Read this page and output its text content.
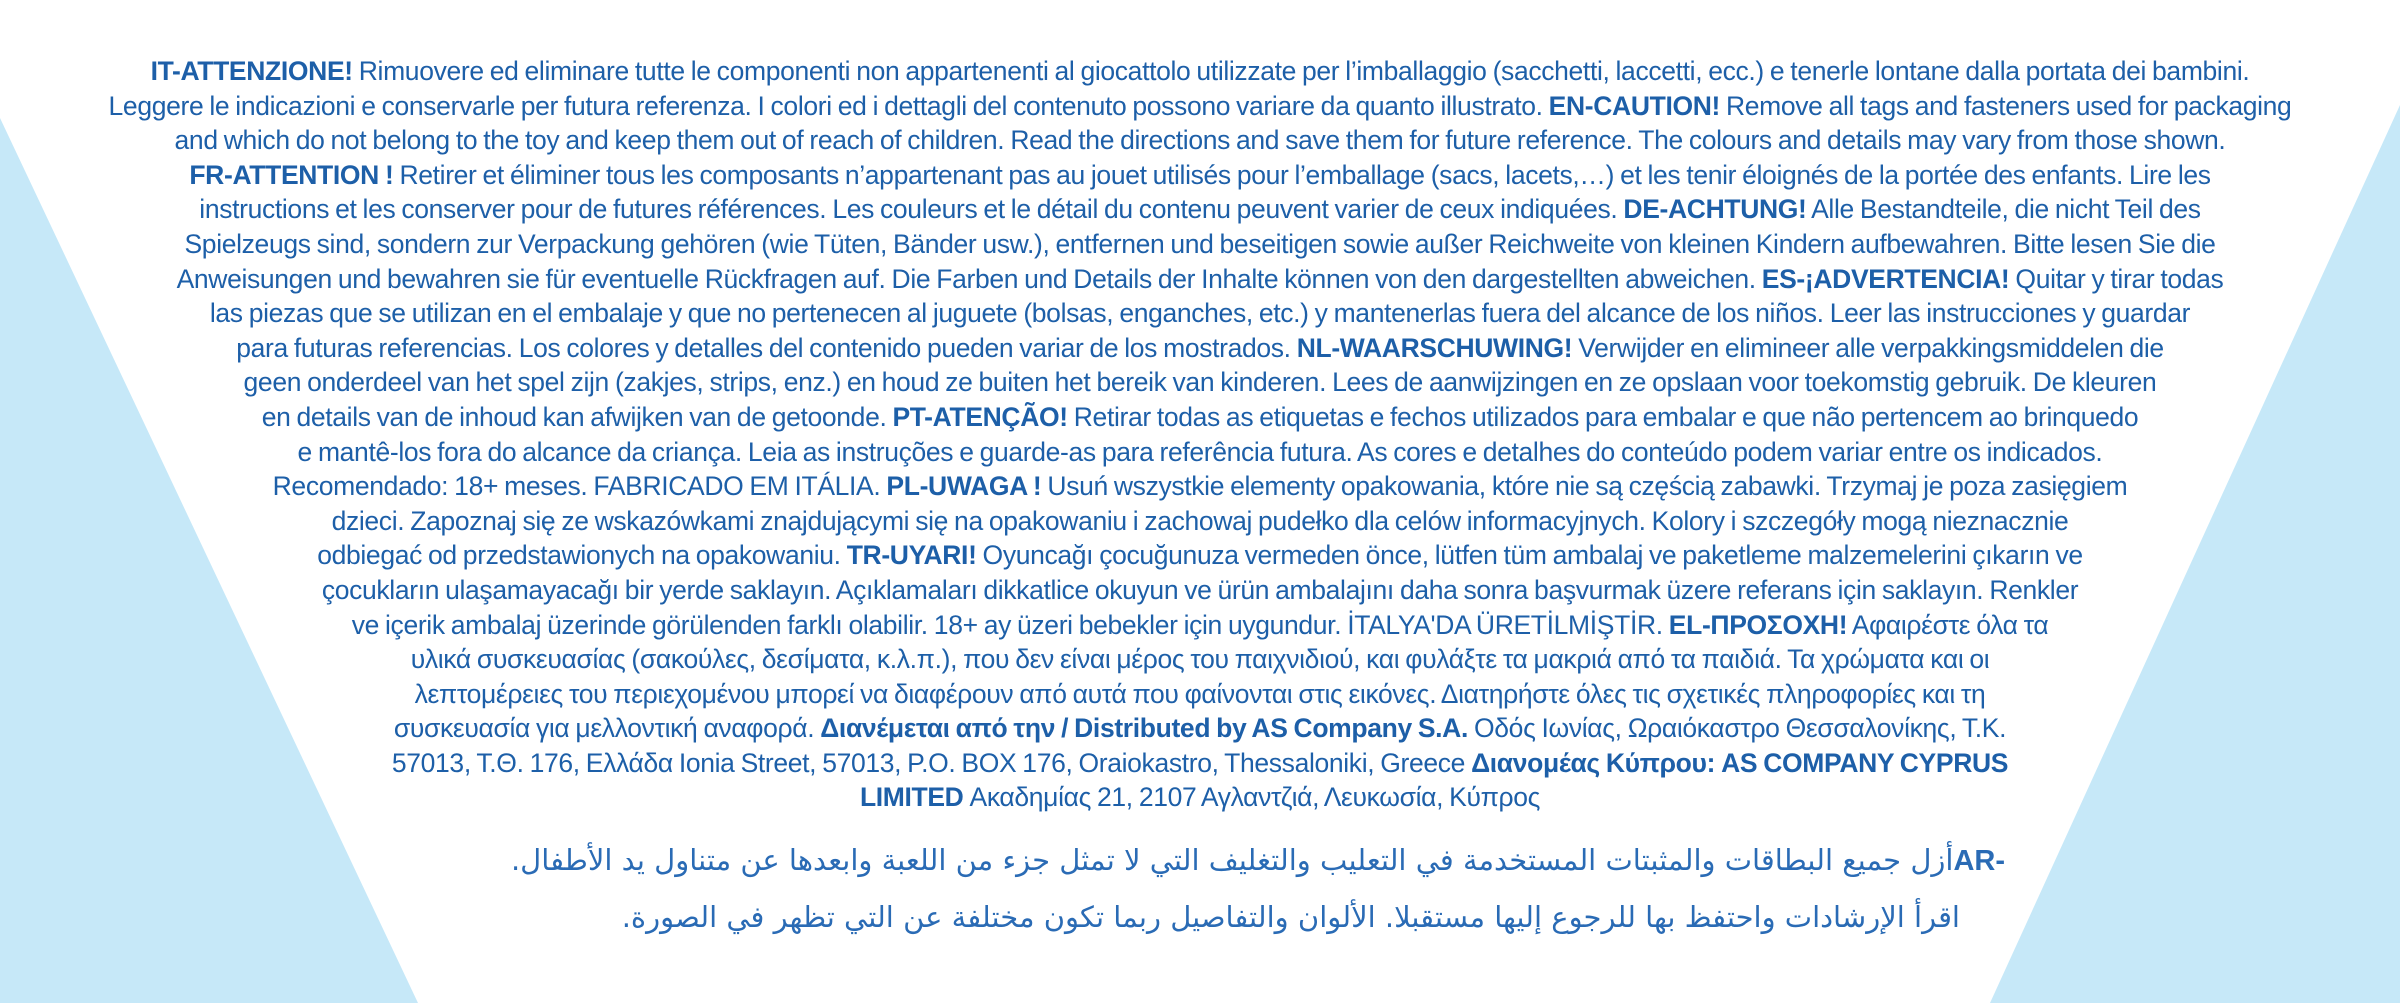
IT-ATTENZIONE! Rimuovere ed eliminare tutte le componenti non appartenenti al giocattolo utilizzate per l’imballaggio (sacchetti, laccetti, ecc.) e tenerle lontane dalla portata dei bambini.
Leggere le indicazioni e conservarle per futura referenza. I colori ed i dettagli del contenuto possono variare da quanto illustrato. EN-CAUTION! Remove all tags and fasteners used for packaging
and which do not belong to the toy and keep them out of reach of children. Read the directions and save them for future reference. The colours and details may vary from those shown.
FR-ATTENTION ! Retirer et éliminer tous les composants n’appartenant pas au jouet utilisés pour l’emballage (sacs, lacets,…) et les tenir éloignés de la portée des enfants. Lire les
instructions et les conserver pour de futures références. Les couleurs et le détail du contenu peuvent varier de ceux indiquées. DE-ACHTUNG! Alle Bestandteile, die nicht Teil des
Spielzeugs sind, sondern zur Verpackung gehören (wie Tüten, Bänder usw.), entfernen und beseitigen sowie außer Reichweite von kleinen Kindern aufbewahren. Bitte lesen Sie die
Anweisungen und bewahren sie für eventuelle Rückfragen auf. Die Farben und Details der Inhalte können von den dargestellten abweichen. ES-¡ADVERTENCIA! Quitar y tirar todas
las piezas que se utilizan en el embalaje y que no pertenecen al juguete (bolsas, enganches, etc.) y mantenerlas fuera del alcance de los niños. Leer las instrucciones y guardar
para futuras referencias. Los colores y detalles del contenido pueden variar de los mostrados. NL-WAARSCHUWING! Verwijder en elimineer alle verpakkingsmiddelen die
geen onderdeel van het spel zijn (zakjes, strips, enz.) en houd ze buiten het bereik van kinderen. Lees de aanwijzingen en ze opslaan voor toekomstig gebruik. De kleuren
en details van de inhoud kan afwijken van de getoonde. PT-ATENÇÃO! Retirar todas as etiquetas e fechos utilizados para embalar e que não pertencem ao brinquedo
e mantê-los fora do alcance da criança. Leia as instruções e guarde-as para referência futura. As cores e detalhes do conteúdo podem variar entre os indicados.
Recomendado: 18+ meses. FABRICADO EM ITÁLIA. PL-UWAGA ! Usuń wszystkie elementy opakowania, które nie są częścią zabawki. Trzymaj je poza zasięgiem
dzieci. Zapoznaj się ze wskazówkami znajdującymi się na opakowaniu i zachowaj pudełko dla celów informacyjnych. Kolory i szczegóły mogą nieznacznie
odbiegać od przedstawionych na opakowaniu. TR-UYARI! Oyuncağı çocuğunuza vermeden önce, lütfen tüm ambalaj ve paketleme malzemelerini çıkarın ve
çocukların ulaşamayacağı bir yerde saklayın. Açıklamaları dikkatlice okuyun ve ürün ambalajını daha sonra başvurmak üzere referans için saklayın. Renkler
ve içerik ambalaj üzerinde görülenden farklı olabilir. 18+ ay üzeri bebekler için uygundur. İTALYA'DA ÜRETİLMİŞTİR. EL-ΠΡΟΣΟΧΗ! Αφαιρέστε όλα τα
υλικά συσκευασίας (σακούλες, δεσίματα, κ.λ.π.), που δεν είναι μέρος του παιχνιδιού, και φυλάξτε τα μακριά από τα παιδιά. Τα χρώματα και οι
λεπτομέρειες του περιεχομένου μπορεί να διαφέρουν από αυτά που φαίνονται στις εικόνες. Διατηρήστε όλες τις σχετικές πληροφορίες και τη
συσκευασία για μελλοντική αναφορά. Διανέμεται από την / Distributed by AS Company S.A. Οδός Ιωνίας, Ωραιόκαστρο Θεσσαλονίκης, Τ.Κ.
57013, Τ.Θ. 176, Ελλάδα Ionia Street, 57013, P.O. BOX 176, Oraiokastro, Thessaloniki, Greece Διανομέας Κύπρου: AS COMPANY CYPRUS
LIMITED Ακαδημίας 21, 2107 Αγλαντζιά, Λευκωσία, Κύπρος
AR-أزل جميع البطاقات والمثبتات المستخدمة في التعليب والتغليف التي لا تمثل جزء من اللعبة وابعدها عن متناول يد الأطفال.
اقرأ الإرشادات واحتفظ بها للرجوع إليها مستقبلا. الألوان والتفاصيل ربما تكون مختلفة عن التي تظهر في الصورة.
